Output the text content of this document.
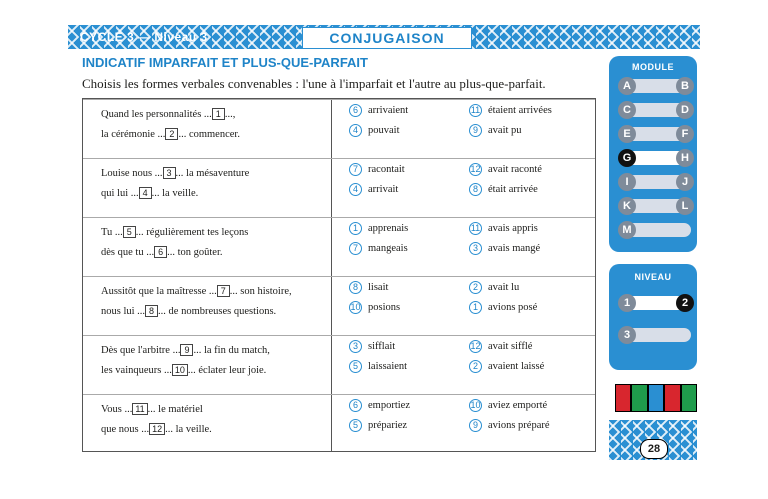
CYCLE 3 — Niveau 3	CONJUGAISON
INDICATIF IMPARFAIT ET PLUS-QUE-PARFAIT
Choisis les formes verbales convenables : l'une à l'imparfait et l'autre au plus-que-parfait.
Quand les personnalités ... 1 ...,
la cérémonie ... 2 ... commencer.
6 arrivaient	11 étaient arrivées
4 pouvait	9 avait pu
Louise nous ... 3 ... la mésaventure
qui lui ... 4 ... la veille.
7 racontait	12 avait raconté
4 arrivait	8 était arrivée
Tu ... 5 ... régulièrement tes leçons
dès que tu ... 6 ... ton goûter.
1 apprenais	11 avais appris
7 mangeais	3 avais mangé
Aussitôt que la maîtresse ... 7 ... son histoire,
nous lui ... 8 ... de nombreuses questions.
8 lisait	2 avait lu
10 posions	1 avions posé
Dès que l'arbitre ... 9 ... la fin du match,
les vainqueurs ... 10 ... éclater leur joie.
3 sifflait	12 avait sifflé
5 laissaient	2 avaient laissé
Vous ... 11 ... le matériel
que nous ... 12 ... la veille.
6 emportiez	10 aviez emporté
5 prépariez	9 avions préparé
MODULE
A	B
C	D
E	F
G	H
I	J
K	L
M
NIVEAU
1	2
3
28
